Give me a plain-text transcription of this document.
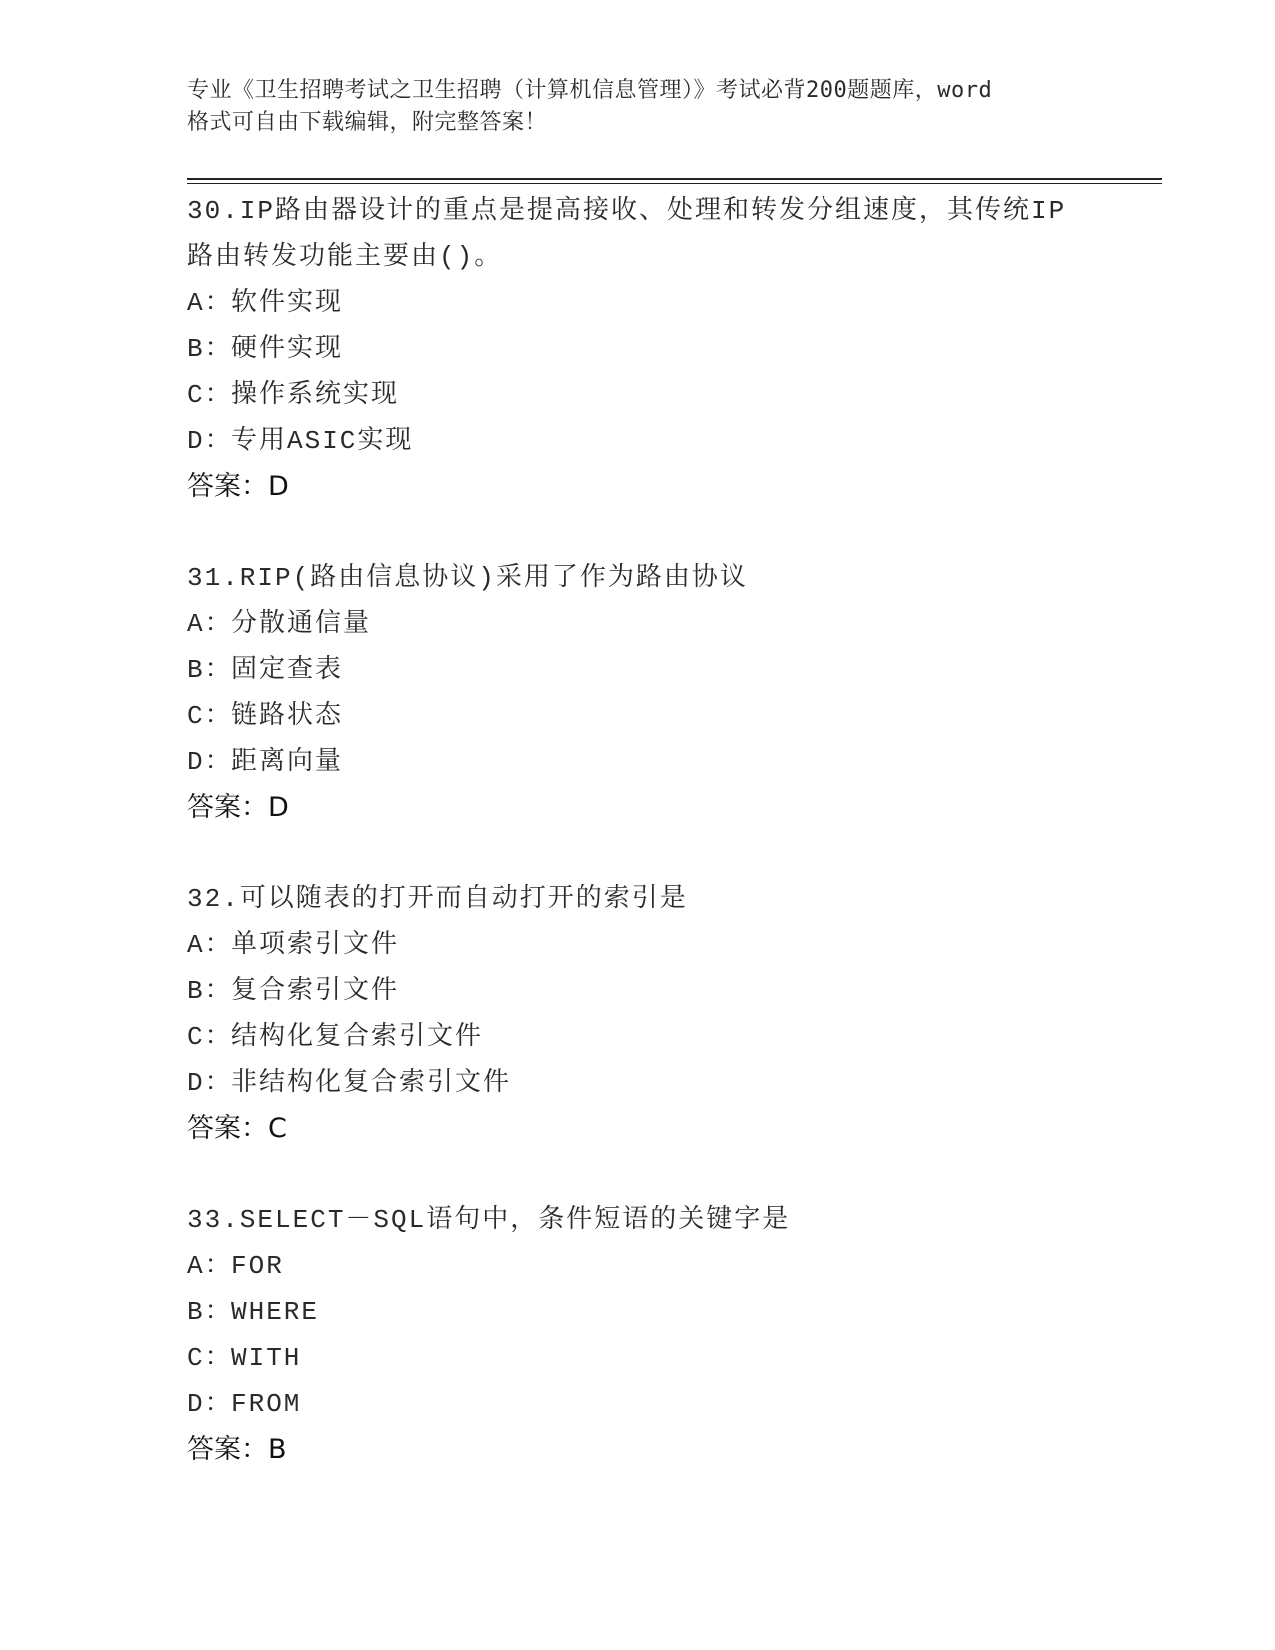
专业《卫生招聘考试之卫生招聘（计算机信息管理）》考试必背200题题库，word
格式可自由下载编辑，附完整答案！

30.IP路由器设计的重点是提高接收、处理和转发分组速度，其传统IP路由转发功能主要由()。

A：软件实现
B：硬件实现
C：操作系统实现
D：专用ASIC实现
答案：D

31.RIP(路由信息协议)采用了作为路由协议

A：分散通信量
B：固定查表
C：链路状态
D：距离向量
答案：D

32.可以随表的打开而自动打开的索引是

A：单项索引文件
B：复合索引文件
C：结构化复合索引文件
D：非结构化复合索引文件
答案：C

33.SELECT－SQL语句中，条件短语的关键字是

A：FOR
B：WHERE
C：WITH
D：FROM
答案：B
